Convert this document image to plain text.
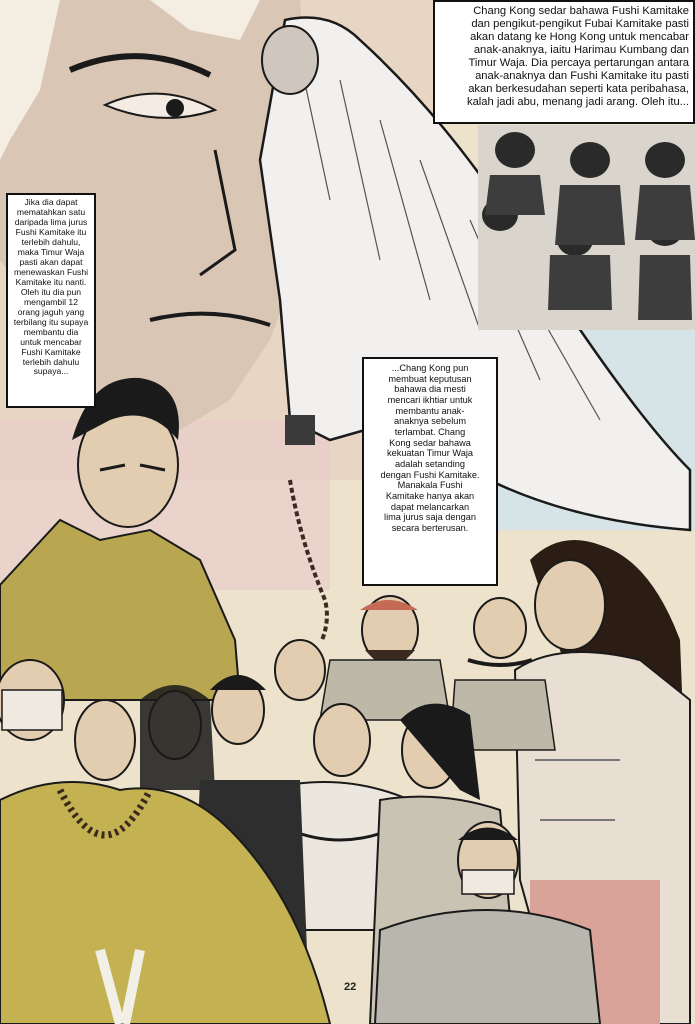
Chang Kong sedar bahawa Fushi Kamitake
dan pengikut-pengikut Fubai Kamitake pasti
akan datang ke Hong Kong untuk mencabar
anak-anaknya, iaitu Harimau Kumbang dan
Timur Waja. Dia percaya pertarungan antara
anak-anaknya dan Fushi Kamitake itu pasti
akan berkesudahan seperti kata peribahasa,
kalah jadi abu, menang jadi arang. Oleh itu...
Jika dia dapat
mematahkan satu
daripada lima jurus
Fushi Kamitake itu
terlebih dahulu,
maka Timur Waja
pasti akan dapat
menewaskan Fushi
Kamitake itu nanti.
Oleh itu dia pun
mengambil 12
orang jaguh yang
terbilang itu supaya
membantu dia
untuk mencabar
Fushi Kamitake
terlebih dahulu
supaya...	...Chang Kong pun
membuat keputusan
bahawa dia mesti
mencari ikhtiar untuk
membantu anak-
anaknya sebelum
terlambat. Chang
Kong sedar bahawa
kekuatan Timur Waja
adalah setanding
dengan Fushi Kamitake.
Manakala Fushi
Kamitake hanya akan
dapat melancarkan
lima jurus saja dengan
secara berterusan.
22
